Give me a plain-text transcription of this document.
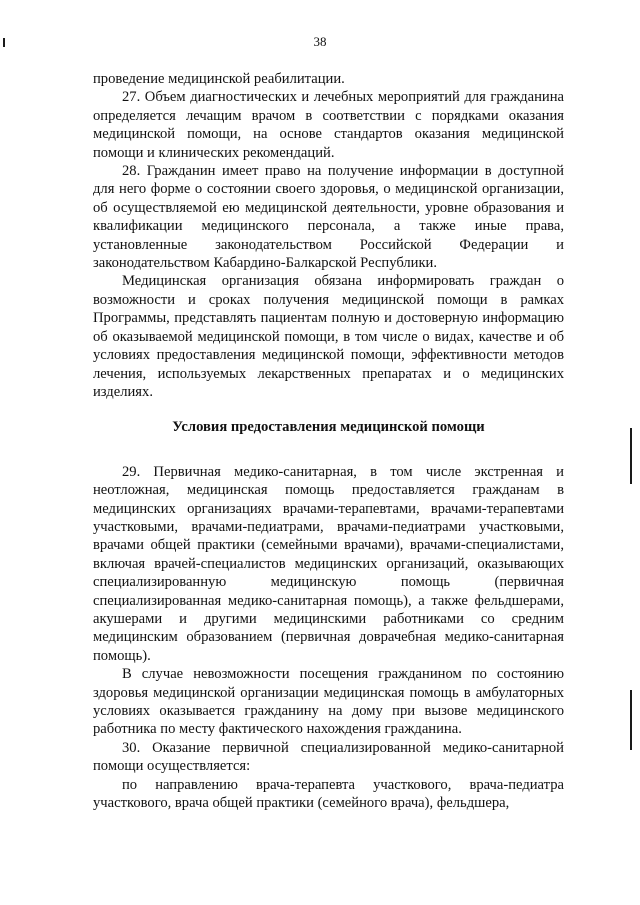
38

проведение медицинской реабилитации.

27. Объем диагностических и лечебных мероприятий для гражданина определяется лечащим врачом в соответствии с порядками оказания медицинской помощи, на основе стандартов оказания медицинской помощи и клинических рекомендаций.

28. Гражданин имеет право на получение информации в доступной для него форме о состоянии своего здоровья, о медицинской организации, об осуществляемой ею медицинской деятельности, уровне образования и квалификации медицинского персонала, а также иные права, установленные законодательством Российской Федерации и законодательством Кабардино-Балкарской Республики.

Медицинская организация обязана информировать граждан о возможности и сроках получения медицинской помощи в рамках Программы, представлять пациентам полную и достоверную информацию об оказываемой медицинской помощи, в том числе о видах, качестве и об условиях предоставления медицинской помощи, эффективности методов лечения, используемых лекарственных препаратах и о медицинских изделиях.

Условия предоставления медицинской помощи

29. Первичная медико-санитарная, в том числе экстренная и неотложная, медицинская помощь предоставляется гражданам в медицинских организациях врачами-терапевтами, врачами-терапевтами участковыми, врачами-педиатрами, врачами-педиатрами участковыми, врачами общей практики (семейными врачами), врачами-специалистами, включая врачей-специалистов медицинских организаций, оказывающих специализированную медицинскую помощь (первичная специализированная медико-санитарная помощь), а также фельдшерами, акушерами и другими медицинскими работниками со средним медицинским образованием (первичная доврачебная медико-санитарная помощь).

В случае невозможности посещения гражданином по состоянию здоровья медицинской организации медицинская помощь в амбулаторных условиях оказывается гражданину на дому при вызове медицинского работника по месту фактического нахождения гражданина.

30. Оказание первичной специализированной медико-санитарной помощи осуществляется:

по направлению врача-терапевта участкового, врача-педиатра участкового, врача общей практики (семейного врача), фельдшера,
